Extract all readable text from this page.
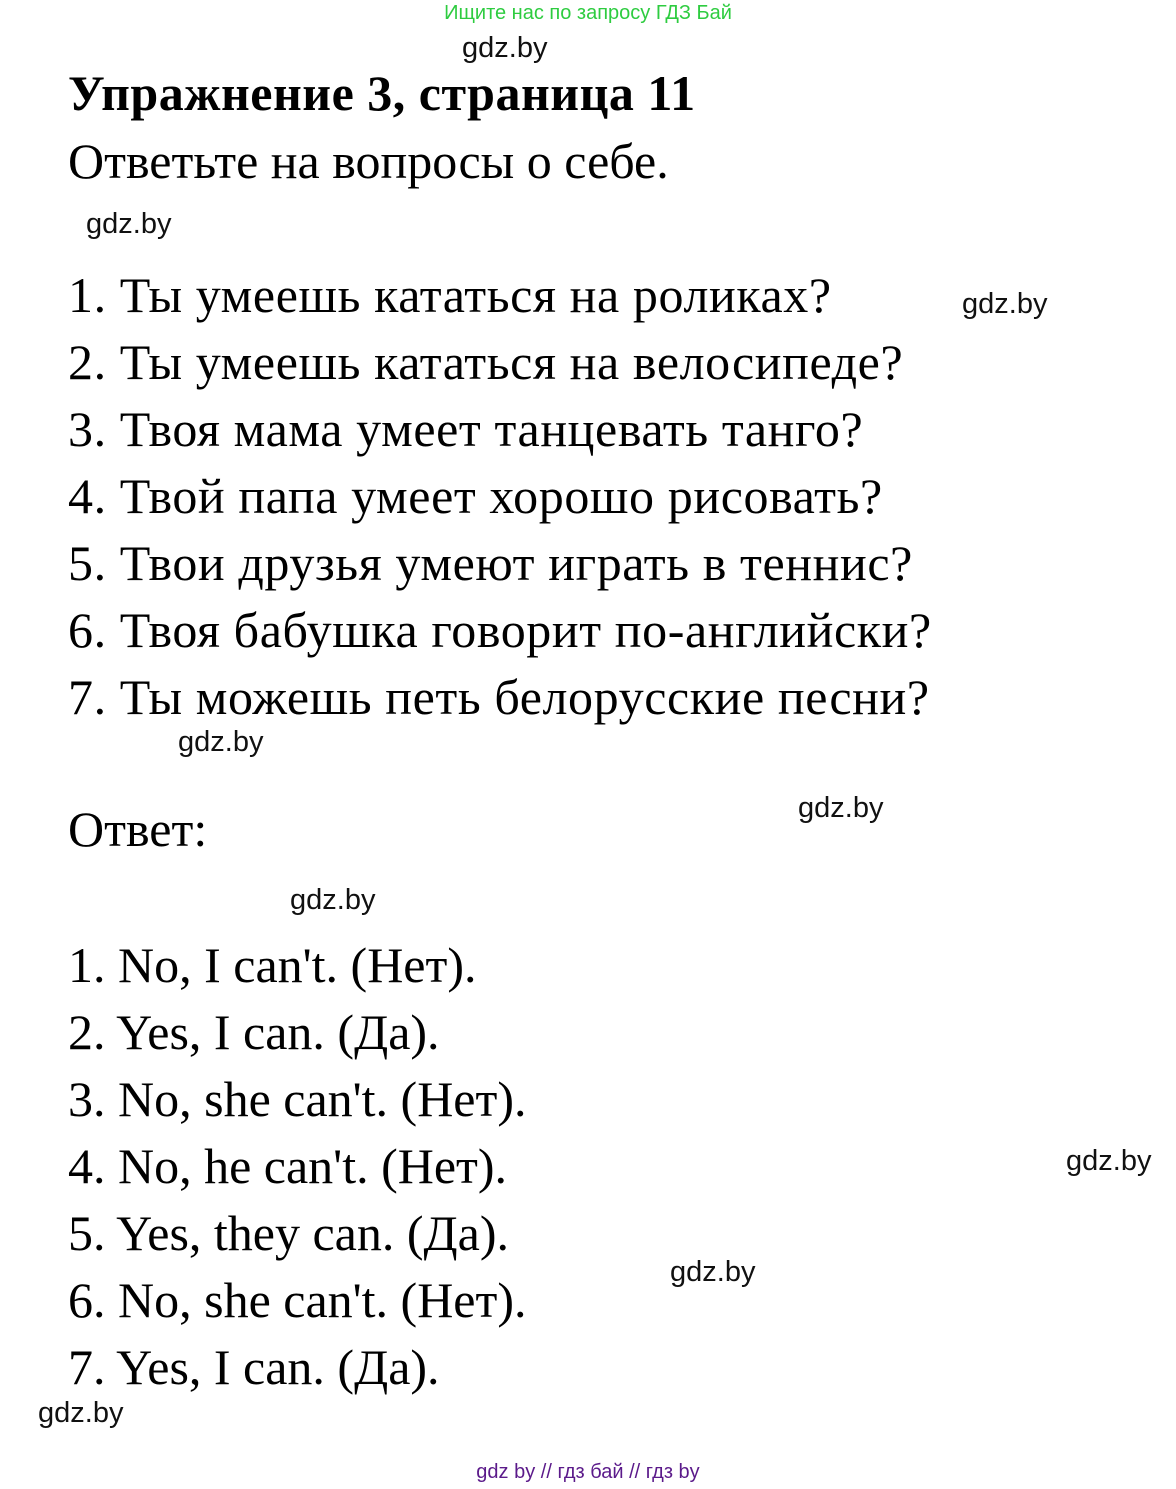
Ищите нас по запросу ГДЗ Бай
gdz.by
Упражнение 3, страница 11
Ответьте на вопросы о себе.
gdz.by
1. Ты умеешь кататься на роликах?
2. Ты умеешь кататься на велосипеде?
3. Твоя мама умеет танцевать танго?
4. Твой папа умеет хорошо рисовать?
5. Твои друзья умеют играть в теннис?
6. Твоя бабушка говорит по-английски?
7. Ты можешь петь белорусские песни?
gdz.by
gdz.by
gdz.by
Ответ:
gdz.by
1. No, I can't. (Нет).
2. Yes, I can. (Да).
3. No, she can't. (Нет).
4. No, he can't. (Нет).
5. Yes, they can. (Да).
6. No, she can't. (Нет).
7. Yes, I can. (Да).
gdz.by
gdz.by
gdz.by
gdz by // гдз бай // гдз by
